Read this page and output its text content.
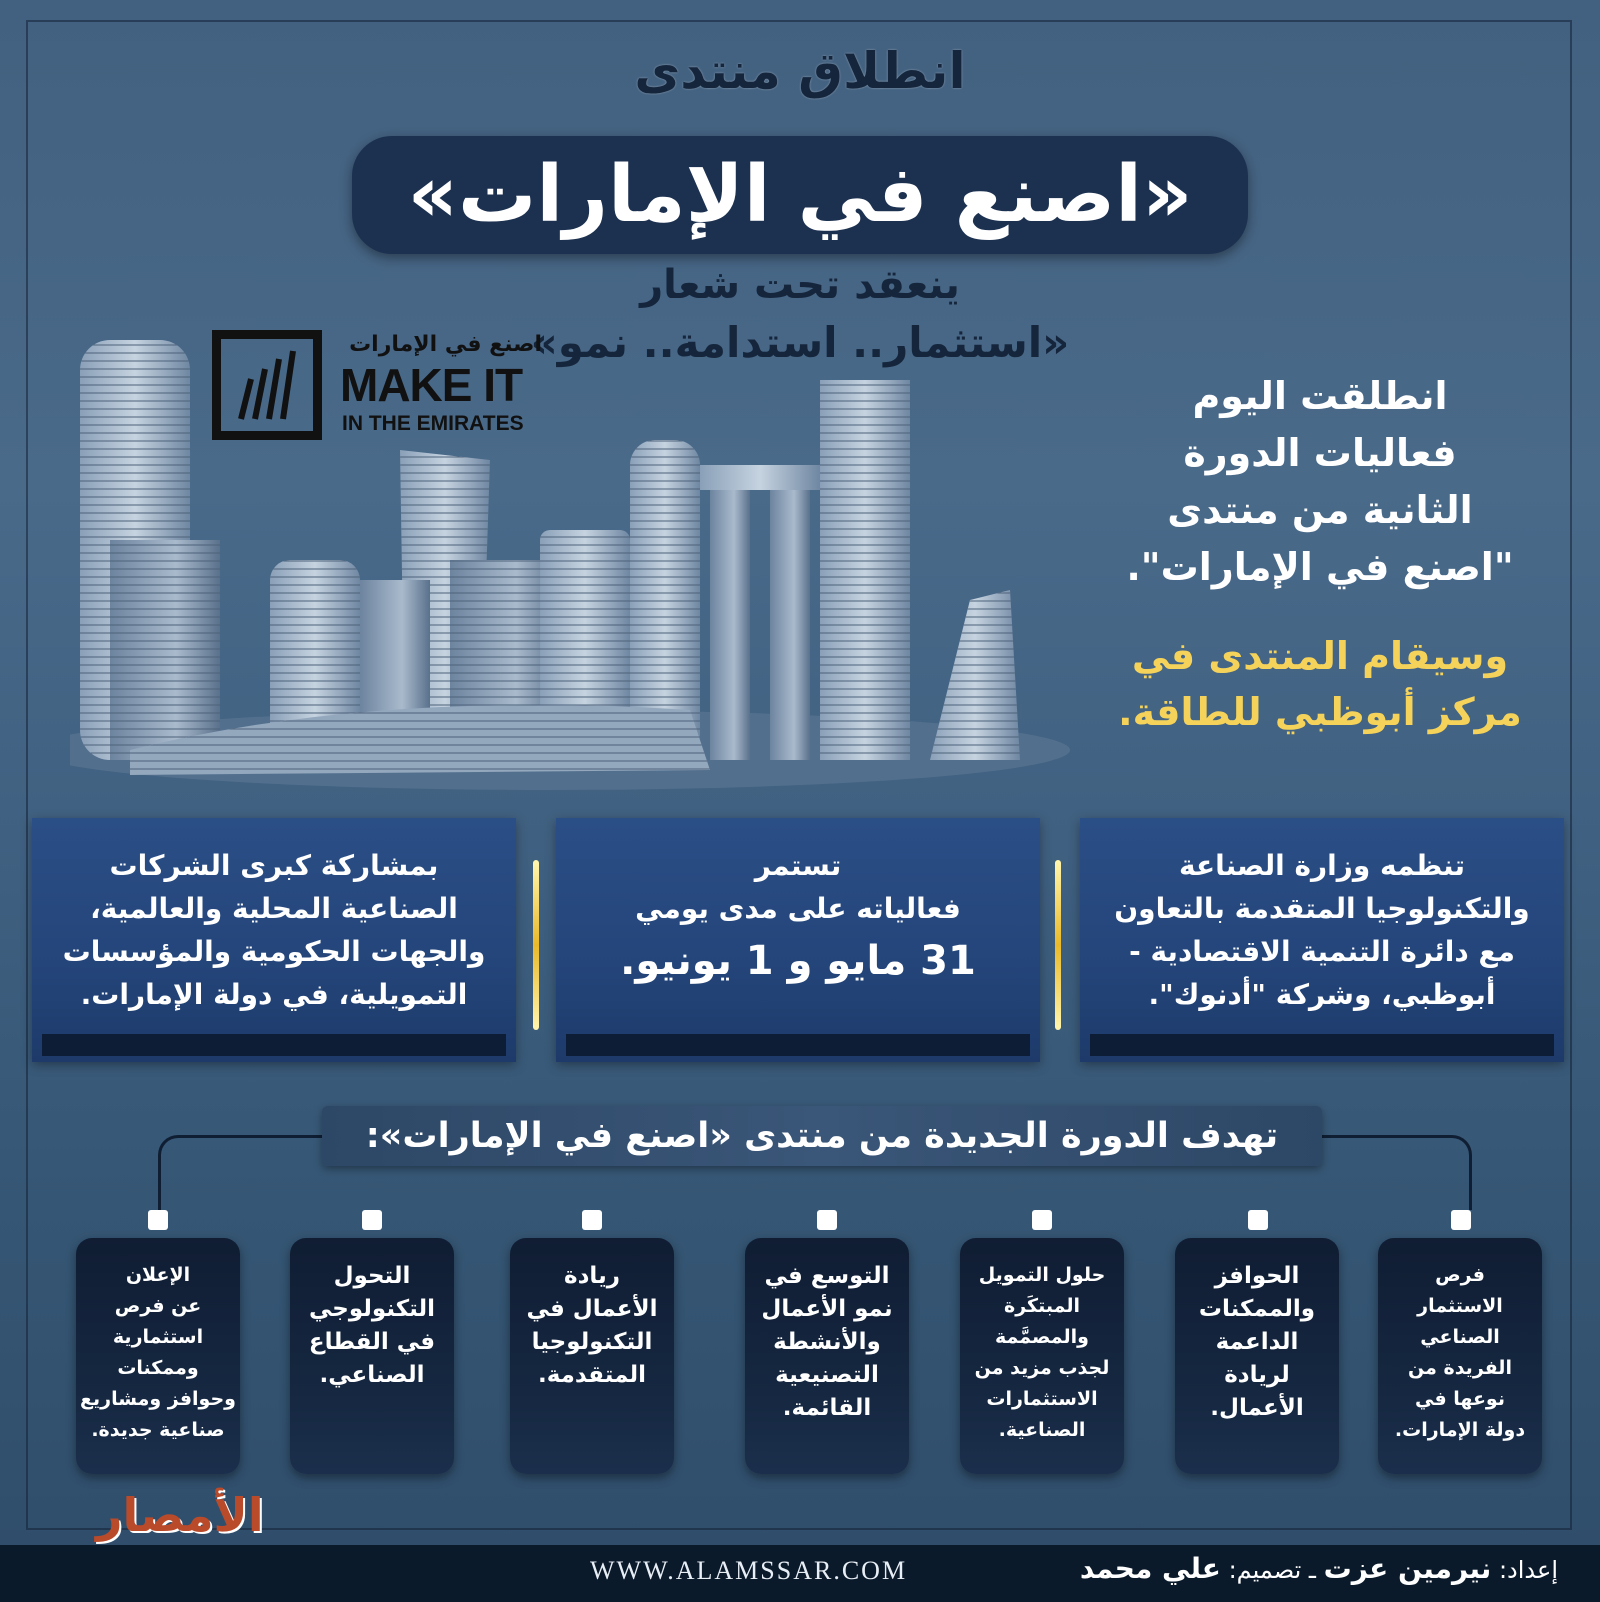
انطلاق منتدى
«اصنع في الإمارات»
ينعقد تحت شعار
«استثمار.. استدامة.. نمو»
اصنع في الإمارات
MAKE IT
IN THE EMIRATES
انطلقت اليوم
فعاليات الدورة
الثانية من منتدى
"اصنع في الإمارات".
وسيقام المنتدى في
مركز أبوظبي للطاقة.
تنظمه وزارة الصناعة
والتكنولوجيا المتقدمة بالتعاون
مع دائرة التنمية الاقتصادية -
أبوظبي، وشركة "أدنوك".
تستمر
فعالياته على مدى يومي
31 مايو و 1 يونيو.
بمشاركة كبرى الشركات
الصناعية المحلية والعالمية،
والجهات الحكومية والمؤسسات
التمويلية، في دولة الإمارات.
تهدف الدورة الجديدة من منتدى «اصنع في الإمارات»:
فرص
الاستثمار
الصناعي
الفريدة من
نوعها في
دولة الإمارات.
الحوافز
والممكنات
الداعمة
لريادة
الأعمال.
حلول التمويل
المبتكَرة
والمصمَّمة
لجذب مزيد من
الاستثمارات
الصناعية.
التوسع في
نمو الأعمال
والأنشطة
التصنيعية
القائمة.
ريادة
الأعمال في
التكنولوجيا
المتقدمة.
التحول
التكنولوجي
في القطاع
الصناعي.
الإعلان
عن فرص
استثمارية
وممكنات
وحوافز ومشاريع
صناعية جديدة.
الأمصار
WWW.ALAMSSAR.COM	إعداد: نيرمين عزت ـ تصميم: علي محمد
